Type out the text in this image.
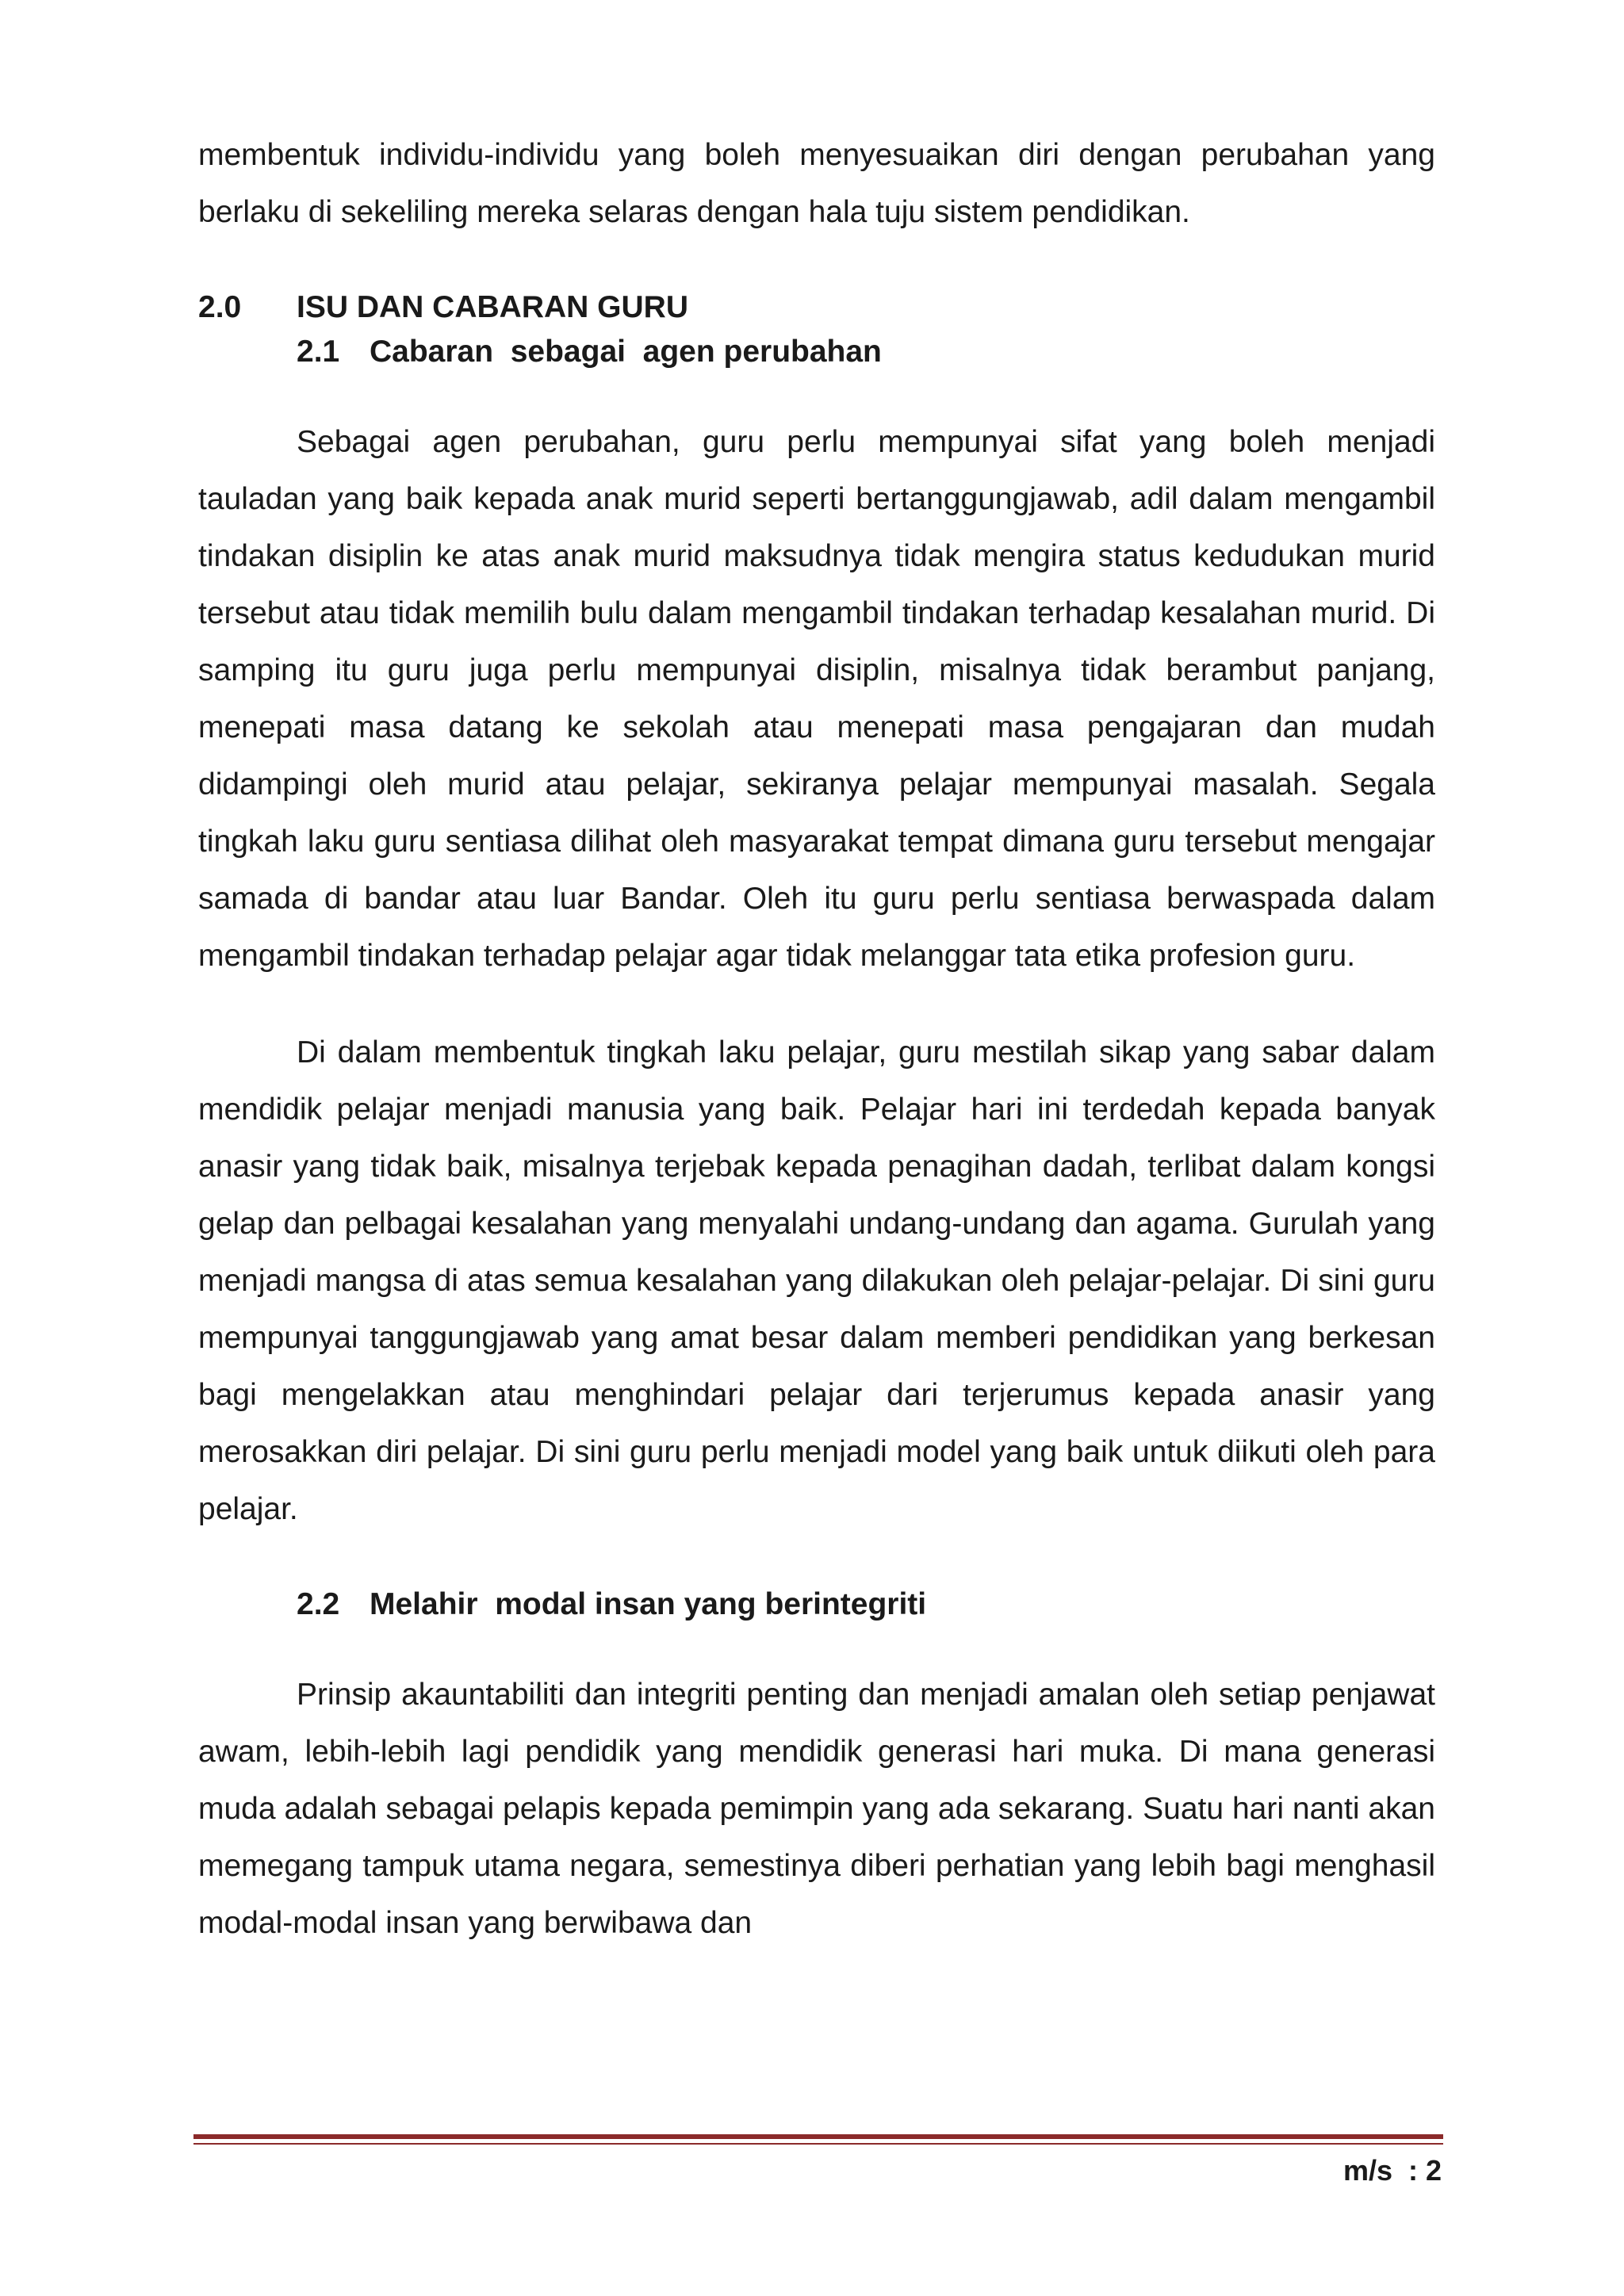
membentuk individu-individu yang boleh menyesuaikan diri dengan perubahan yang berlaku di sekeliling mereka selaras dengan hala tuju sistem pendidikan.

2.0	ISU DAN CABARAN GURU
2.1 Cabaran  sebagai  agen perubahan

Sebagai agen perubahan, guru perlu mempunyai sifat yang boleh menjadi tauladan yang baik kepada anak murid seperti bertanggungjawab, adil dalam mengambil tindakan disiplin ke atas anak murid maksudnya tidak mengira status kedudukan murid tersebut atau tidak memilih bulu dalam mengambil tindakan terhadap kesalahan murid. Di samping itu guru juga perlu mempunyai disiplin, misalnya tidak berambut panjang, menepati masa datang ke sekolah atau menepati masa pengajaran dan mudah didampingi oleh murid atau pelajar, sekiranya pelajar mempunyai masalah. Segala tingkah laku guru sentiasa dilihat oleh masyarakat tempat dimana guru tersebut mengajar samada di bandar atau luar Bandar. Oleh itu guru perlu sentiasa berwaspada dalam mengambil tindakan terhadap pelajar agar tidak melanggar tata etika profesion guru.

Di dalam membentuk tingkah laku pelajar, guru mestilah sikap yang sabar dalam mendidik pelajar menjadi manusia yang baik. Pelajar hari ini terdedah kepada banyak anasir yang tidak baik, misalnya terjebak kepada penagihan dadah, terlibat dalam kongsi gelap dan pelbagai kesalahan yang menyalahi undang-undang dan agama. Gurulah yang menjadi mangsa di atas semua kesalahan yang dilakukan oleh pelajar-pelajar. Di sini guru mempunyai tanggungjawab yang amat besar dalam memberi pendidikan yang berkesan bagi mengelakkan atau menghindari pelajar dari terjerumus kepada anasir yang merosakkan diri pelajar. Di sini guru perlu menjadi model yang baik untuk diikuti oleh para pelajar.

2.2 Melahir  modal insan yang berintegriti

Prinsip akauntabiliti dan integriti penting dan menjadi amalan oleh setiap penjawat awam, lebih-lebih lagi pendidik yang mendidik generasi hari muka. Di mana generasi muda adalah sebagai pelapis kepada pemimpin yang ada sekarang. Suatu hari nanti akan memegang tampuk utama negara, semestinya diberi perhatian yang lebih bagi menghasil modal-modal insan yang berwibawa dan

m/s  : 2
